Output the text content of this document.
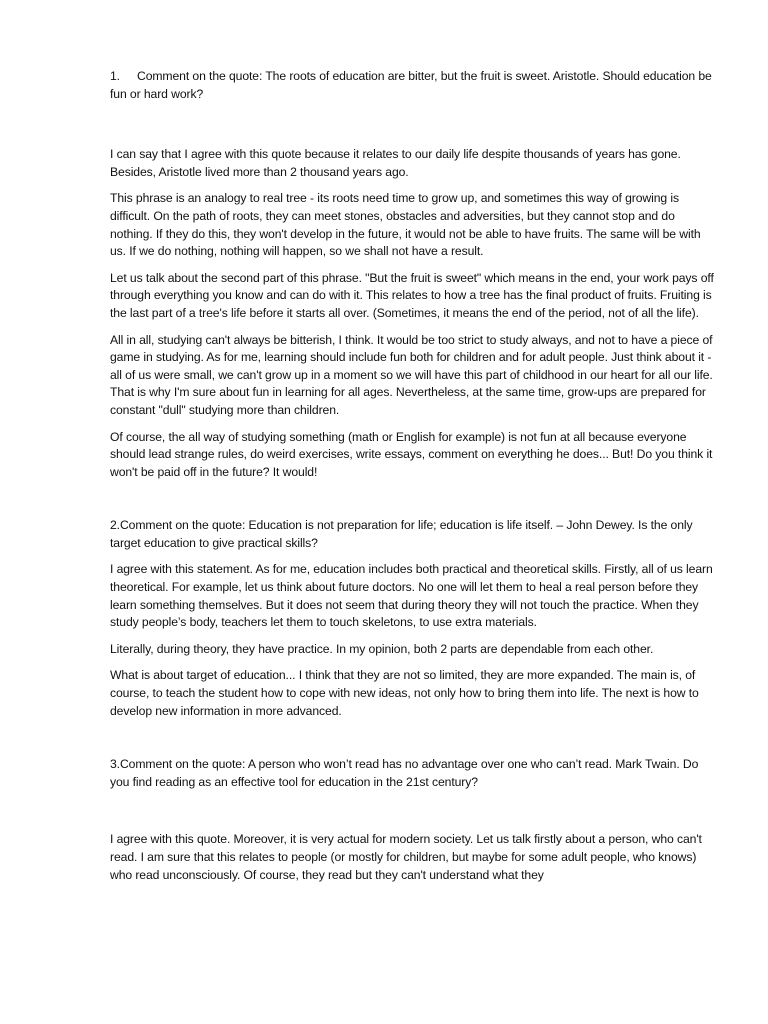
1. Comment on the quote: The roots of education are bitter, but the fruit is sweet. Aristotle. Should education be fun or hard work?

I can say that I agree with this quote because it relates to our daily life despite thousands of years has gone. Besides, Aristotle lived more than 2 thousand years ago.

This phrase is an analogy to real tree - its roots need time to grow up, and sometimes this way of growing is difficult. On the path of roots, they can meet stones, obstacles and adversities, but they cannot stop and do nothing. If they do this, they won't develop in the future, it would not be able to have fruits. The same will be with us. If we do nothing, nothing will happen, so we shall not have a result.

Let us talk about the second part of this phrase. "But the fruit is sweet" which means in the end, your work pays off through everything you know and can do with it. This relates to how a tree has the final product of fruits. Fruiting is the last part of a tree's life before it starts all over. (Sometimes, it means the end of the period, not of all the life).

All in all, studying can't always be bitterish, I think. It would be too strict to study always, and not to have a piece of game in studying. As for me, learning should include fun both for children and for adult people. Just think about it - all of us were small, we can't grow up in a moment so we will have this part of childhood in our heart for all our life. That is why I'm sure about fun in learning for all ages. Nevertheless, at the same time, grow-ups are prepared for constant "dull" studying more than children.

Of course, the all way of studying something (math or English for example) is not fun at all because everyone should lead strange rules, do weird exercises, write essays, comment on everything he does... But! Do you think it won't be paid off in the future? It would!

2.Comment on the quote: Education is not preparation for life; education is life itself. – John Dewey. Is the only target education to give practical skills?

I agree with this statement. As for me, education includes both practical and theoretical skills. Firstly, all of us learn theoretical. For example, let us think about future doctors. No one will let them to heal a real person before they learn something themselves. But it does not seem that during theory they will not touch the practice. When they study people’s body, teachers let them to touch skeletons, to use extra materials.

Literally, during theory, they have practice. In my opinion, both 2 parts are dependable from each other.

What is about target of education... I think that they are not so limited, they are more expanded. The main is, of course, to teach the student how to cope with new ideas, not only how to bring them into life. The next is how to develop new information in more advanced.

3.Comment on the quote: A person who won’t read has no advantage over one who can’t read. Mark Twain. Do you find reading as an effective tool for education in the 21st century?

I agree with this quote. Moreover, it is very actual for modern society. Let us talk firstly about a person, who can't read. I am sure that this relates to people (or mostly for children, but maybe for some adult people, who knows) who read unconsciously. Of course, they read but they can't understand what they
